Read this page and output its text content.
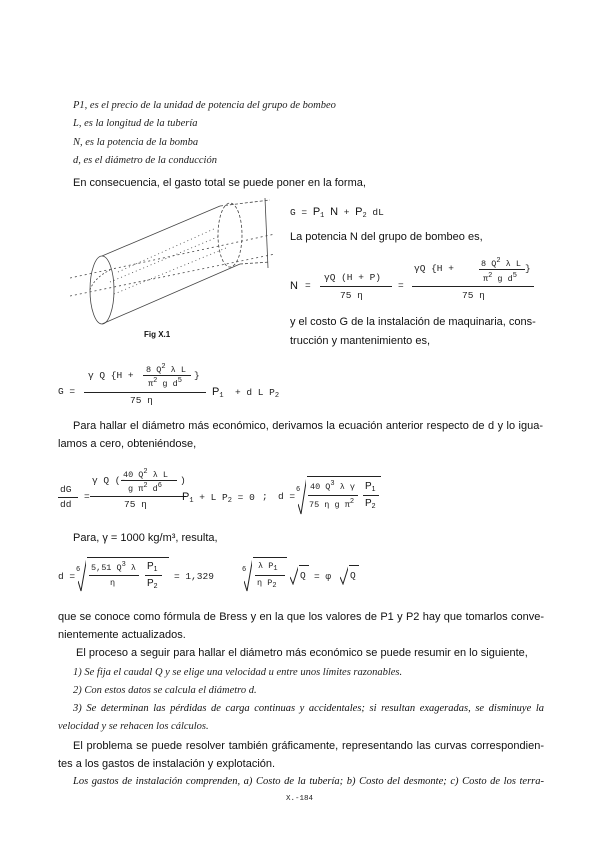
P1, es el precio de la unidad de potencia del grupo de bombeo
L, es la longitud de la tubería
N, es la potencia de la bomba
d, es el diámetro de la conducción
En consecuencia, el gasto total se puede poner en la forma,
Fig X.1
$G = P_1$ $N + P_2$ dL
La potencia N del grupo de bombeo es,
N =
γQ (H + P)
75 η
=
γQ {H +	8 $Q^2$ λ L
$\pi^2$ g $d^5$
}
75 η
y el costo G de la instalación de maquinaria, cons-
trucción y mantenimiento es,
G =
γ Q {H + 8 $Q^2$ λ L
$\pi^2$ g $d^5$ }
75 η
$P_1 + d$ L $P_2$
Para hallar el diámetro más económico, derivamos la ecuación anterior respecto de d y lo igua-
lamos a cero, obteniéndose,
dG
dd
=
γ Q (-
40 $Q^2$ λ L
g $\pi^2$ $d^6$ )
75 η
$P_1 + L$ $P_2 = 0$ ; d =
6 40 $Q^3$ λ γ
75 η g $\pi^2$
$P_1$
$P_2$
Para, γ = 1000 kg/m³, resulta,
d =
6 5,51 $Q^3$ λ
η
$P_1$
$P_2$
= 1,329
6 λ $P_1$
η $P_2$
Q = φ Q
que se conoce como fórmula de Bress y en la que los valores de P1 y P2 hay que tomarlos conve-
nientemente actualizados.
El proceso a seguir para hallar el diámetro más económico se puede resumir en lo siguiente,
1) Se fija el caudal Q y se elige una velocidad u entre unos límites razonables.
2) Con estos datos se calcula el diámetro d.
3) Se determinan las pérdidas de carga continuas y accidentales; si resultan exageradas, se disminuye la
velocidad y se rehacen los cálculos.
El problema se puede resolver también gráficamente, representando las curvas correspondien-
tes a los gastos de instalación y explotación.
Los gastos de instalación comprenden, a) Costo de la tubería; b) Costo del desmonte; c) Costo de los terra-
X.-184
